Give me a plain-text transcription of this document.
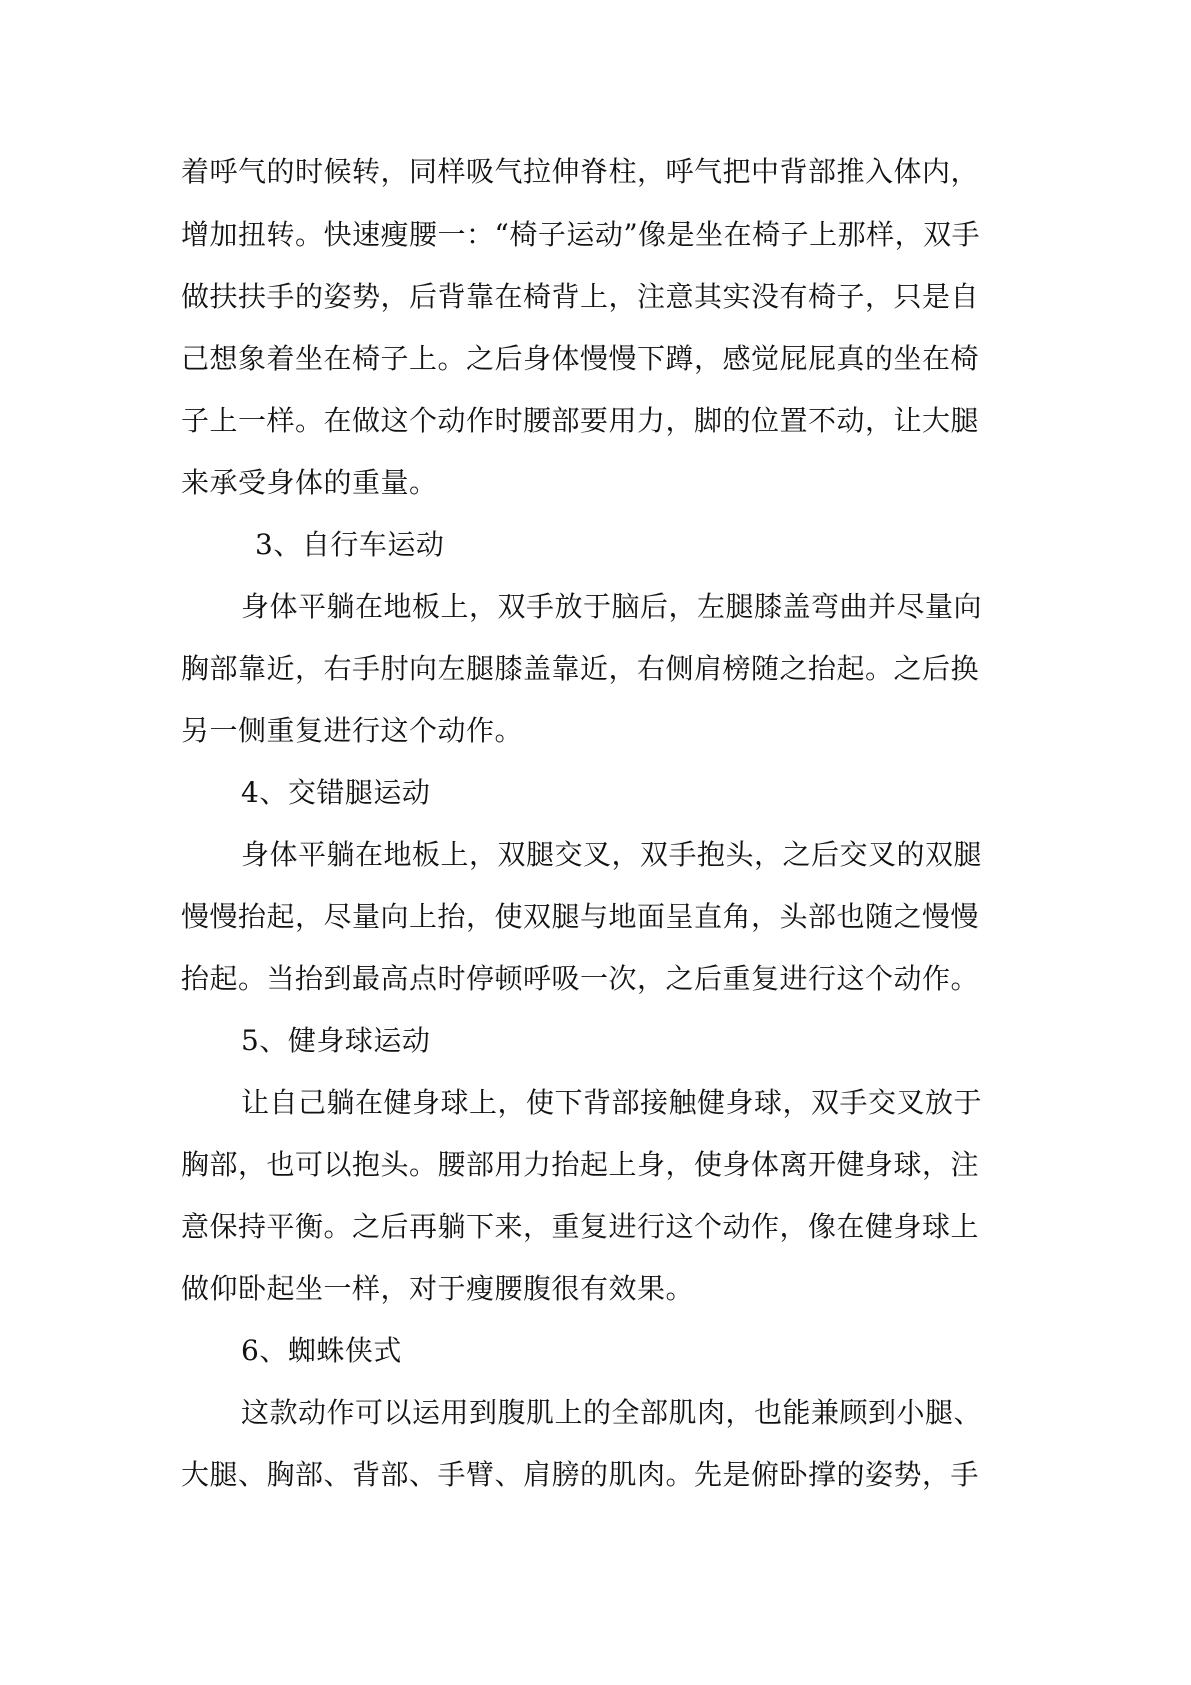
着呼气的时候转，同样吸气拉伸脊柱，呼气把中背部推入体内，
增加扭转。快速瘦腰一：“椅子运动”像是坐在椅子上那样，双手
做扶扶手的姿势，后背靠在椅背上，注意其实没有椅子，只是自
己想象着坐在椅子上。之后身体慢慢下蹲，感觉屁屁真的坐在椅
子上一样。在做这个动作时腰部要用力，脚的位置不动，让大腿
来承受身体的重量。
3、自行车运动
身体平躺在地板上，双手放于脑后，左腿膝盖弯曲并尽量向
胸部靠近，右手肘向左腿膝盖靠近，右侧肩榜随之抬起。之后换
另一侧重复进行这个动作。
4、交错腿运动
身体平躺在地板上，双腿交叉，双手抱头，之后交叉的双腿
慢慢抬起，尽量向上抬，使双腿与地面呈直角，头部也随之慢慢
抬起。当抬到最高点时停顿呼吸一次，之后重复进行这个动作。
5、健身球运动
让自己躺在健身球上，使下背部接触健身球，双手交叉放于
胸部，也可以抱头。腰部用力抬起上身，使身体离开健身球，注
意保持平衡。之后再躺下来，重复进行这个动作，像在健身球上
做仰卧起坐一样，对于瘦腰腹很有效果。
6、蜘蛛侠式
这款动作可以运用到腹肌上的全部肌肉，也能兼顾到小腿、
大腿、胸部、背部、手臂、肩膀的肌肉。先是俯卧撑的姿势，手
